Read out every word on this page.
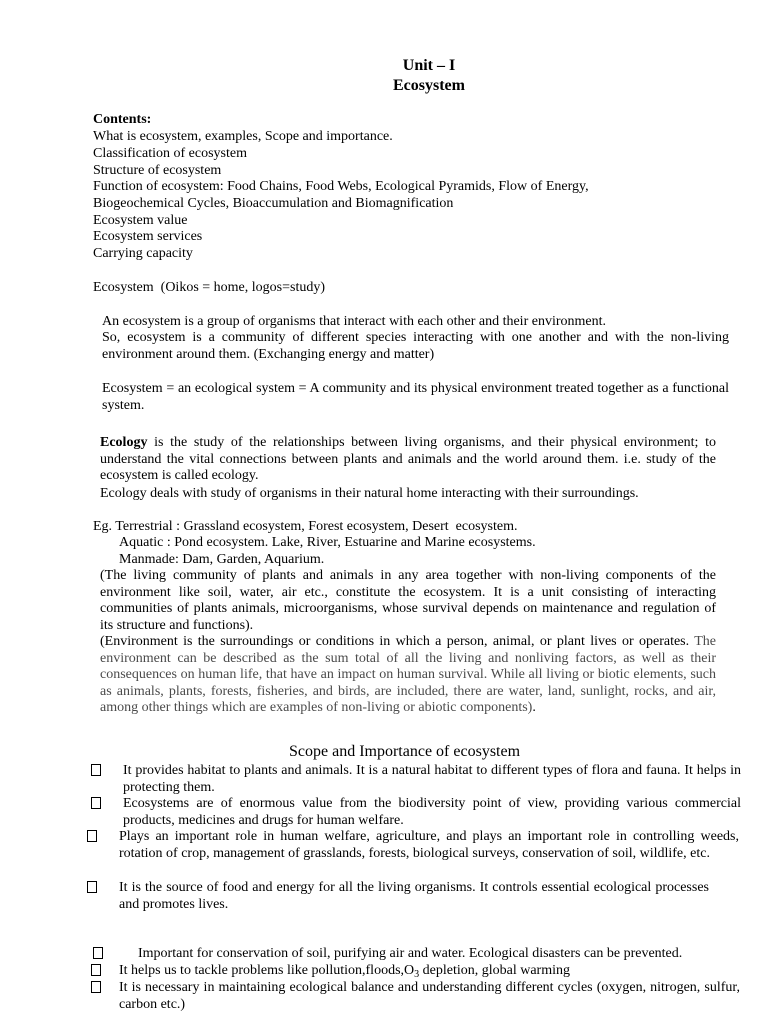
Unit – I
Ecosystem
Contents:
What is ecosystem, examples, Scope and importance.
Classification of ecosystem
Structure of ecosystem
Function of ecosystem: Food Chains, Food Webs, Ecological Pyramids, Flow of Energy,
Biogeochemical Cycles, Bioaccumulation and Biomagnification
Ecosystem value
Ecosystem services
Carrying capacity
Ecosystem  (Oikos = home, logos=study)
An ecosystem is a group of organisms that interact with each other and their environment.
So, ecosystem is a community of different species interacting with one another and with the non-living environment around them. (Exchanging energy and matter)
Ecosystem = an ecological system = A community and its physical environment treated together as a functional system.
Ecology is the study of the relationships between living organisms, and their physical environment; to understand the vital connections between plants and animals and the world around them. i.e. study of the ecosystem is called ecology.
Ecology deals with study of organisms in their natural home interacting with their surroundings.
Eg. Terrestrial : Grassland ecosystem, Forest ecosystem, Desert  ecosystem.
Aquatic : Pond ecosystem. Lake, River, Estuarine and Marine ecosystems.
Manmade: Dam, Garden, Aquarium.
(The living community of plants and animals in any area together with non-living components of the environment like soil, water, air etc., constitute the ecosystem. It is a unit consisting of interacting communities of plants animals, microorganisms, whose survival depends on maintenance and regulation of its structure and functions).
(Environment is the surroundings or conditions in which a person, animal, or plant lives or operates. The environment can be described as the sum total of all the living and nonliving factors, as well as their consequences on human life, that have an impact on human survival. While all living or biotic elements, such as animals, plants, forests, fisheries, and birds, are included, there are water, land, sunlight, rocks, and air, among other things which are examples of non-living or abiotic components).
Scope and Importance of ecosystem
It provides habitat to plants and animals. It is a natural habitat to different types of flora and fauna. It helps in protecting them.
Ecosystems are of enormous value from the biodiversity point of view, providing various commercial products, medicines and drugs for human welfare.
Plays an important role in human welfare, agriculture, and plays an important role in controlling weeds, rotation of crop, management of grasslands, forests, biological surveys, conservation of soil, wildlife, etc.
It is the source of food and energy for all the living organisms. It controls essential ecological processes and promotes lives.
Important for conservation of soil, purifying air and water. Ecological disasters can be prevented.
It helps us to tackle problems like $pollution,floods,O_3$ depletion, global warming
It is necessary in maintaining ecological balance and understanding different cycles (oxygen, nitrogen, sulfur, carbon etc.)
